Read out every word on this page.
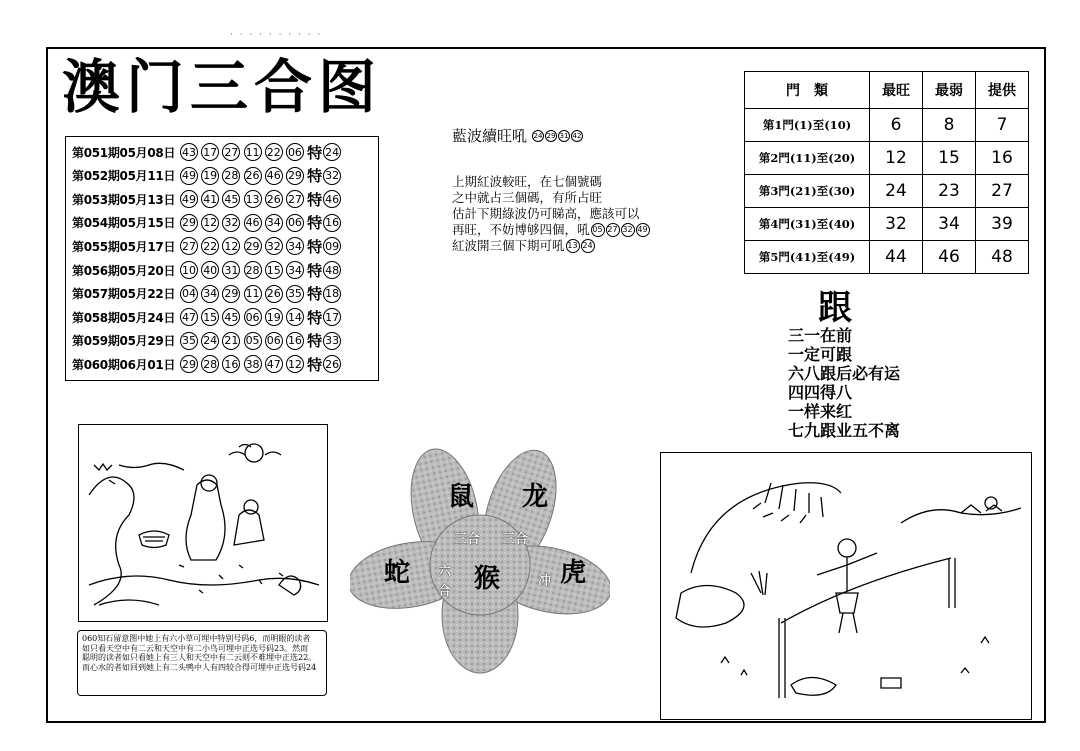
· · · · · · · · · ·
澳门三合图
第051期05月08日 43 17 27 11 22 06 特 24
第052期05月11日 49 19 28 26 46 29 特 32
第053期05月13日 49 41 45 13 26 27 特 46
第054期05月15日 29 12 32 46 34 06 特 16
第055期05月17日 27 22 12 29 32 34 特 09
第056期05月20日 10 40 31 28 15 34 特 48
第057期05月22日 04 34 29 11 26 35 特 18
第058期05月24日 47 15 45 06 19 14 特 17
第059期05月29日 35 24 21 05 06 16 特 33
第060期06月01日 29 28 16 38 47 12 特 26
藍波續旺吼 24 29 31 42
上期紅波較旺，在七個號碼
之中就占三個碼，有所占旺
估計下期綠波仍可睇高，應該可以
再旺，不妨博够四個，吼 05 27 32 49
紅波開三個下期可吼 13 24
門　類	最旺	最弱	提供
第1門(1)至(10)	6	8	7
第2門(11)至(20)	12	15	16
第3門(21)至(30)	24	23	27
第4門(31)至(40)	32	34	39
第5門(41)至(49)	44	46	48
跟
三一在前
一定可跟
六八跟后必有运
四四得八
一样来红
七九跟业五不离
060知石留意图中她上有六小草可埋中特别号码6，而明眼的读者
如只看天空中有二云和天空中有二小鸟可埋中正选号码23。然而
聪明的读者如只看她上有三人和天空中有二云则不难埋中正选22。
而心水的者如回到她上有二头鸭中人有四较合得可埋中正选号码24
鼠 龙
蛇 猴 虎
三合 三合
六
合
冲
